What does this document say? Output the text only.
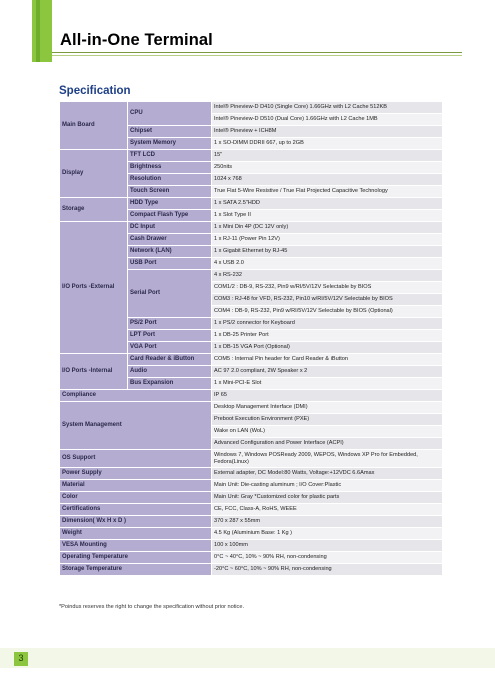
All-in-One Terminal
Specification
Main Board	CPU	Intel® Pineview-D D410 (Single Core) 1.66GHz with L2 Cache 512KB
		Intel® Pineview-D D510 (Dual Core) 1.66GHz with L2 Cache 1MB
	Chipset	Intel® Pineview + ICH8M
	System Memory	1 x SO-DIMM DDRII 667, up to 2GB
Display	TFT LCD	15"
	Brightness	250nits
	Resolution	1024 x 768
	Touch Screen	True Flat 5-Wire Resistive / True Flat Projected Capacitive Technology
Storage	HDD Type	1 x SATA 2.5"HDD
	Compact Flash Type	1 x Slot Type II
I/O Ports -External	DC Input	1 x Mini Din 4P (DC 12V only)
	Cash Drawer	1 x RJ-11 (Power Pin 12V)
	Network (LAN)	1 x Gigabit Ethernet by RJ-45
	USB Port	4 x USB 2.0
	Serial Port	4 x RS-232
		COM1/2 : DB-9, RS-232, Pin9 w/RI/5V/12V Selectable by BIOS
		COM3 : RJ-48 for VFD, RS-232, Pin10 w/RI/5V/12V Selectable by BIOS
		COM4 : DB-9, RS-232, Pin9 w/RI/5V/12V Selectable by BIOS (Optional)
	PS/2 Port	1 x PS/2 connector for Keyboard
	LPT Port	1 x DB-25 Printer Port
	VGA Port	1 x DB-15 VGA Port (Optional)
I/O Ports -Internal	Card Reader & iButton	COM5 : Internal Pin header for Card Reader & iButton
	Audio	AC 97 2.0 compliant, 2W Speaker x 2
	Bus Expansion	1 x Mini-PCI-E Slot
Compliance		IP 65
System Management		Desktop Management Interface (DMI)
		Preboot Execution Environment (PXE)
		Wake on LAN (WoL)
		Advanced Configuration and Power Interface (ACPI)
OS Support		Windows 7, Windows POSReady 2009, WEPOS, Windows XP Pro for Embedded, Fedora(Linux)
Power Supply		External adapter, DC Model:80 Watts, Voltage:+12VDC 6.6Amax
Material		Main Unit: Die-casting aluminum ; I/O Cover:Plastic
Color		Main Unit: Gray *Customized color for plastic parts
Certifications		CE, FCC, Class-A, RoHS, WEEE
Dimension( Wx H x D )		370 x 287 x 55mm
Weight		4.5 Kg (Aluminium Base: 1 Kg )
VESA Mounting		100 x 100mm
Operating Temperature		0°C ~ 40°C, 10% ~ 90% RH, non-condensing
Storage Temperature		-20°C ~ 60°C, 10% ~ 90% RH, non-condensing
*Poindus reserves the right to change the specification without prior notice.
3
